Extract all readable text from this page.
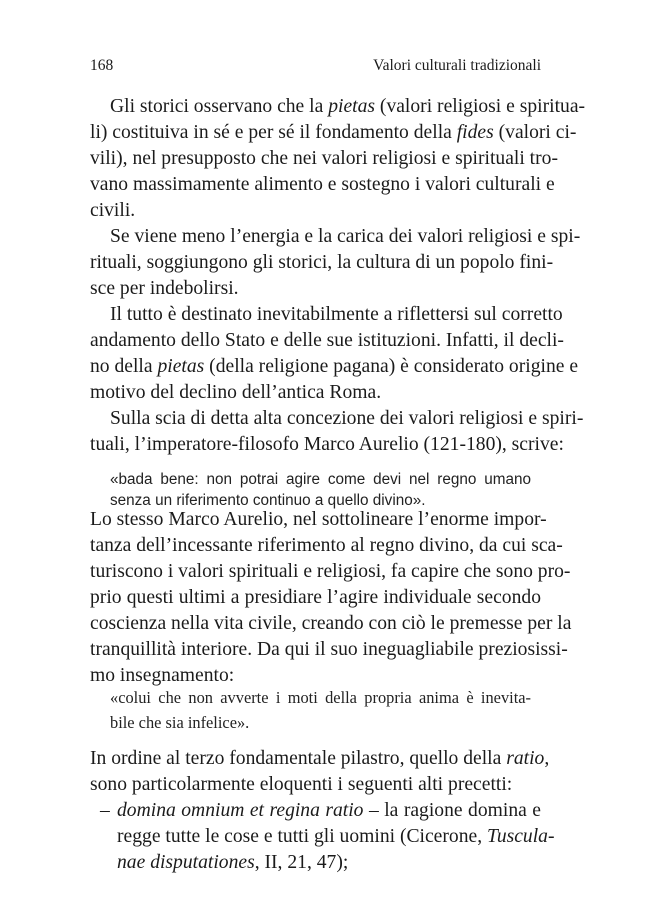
168	Valori culturali tradizionali
Gli storici osservano che la pietas (valori religiosi e spiritua-
li) costituiva in sé e per sé il fondamento della fides (valori ci-
vili), nel presupposto che nei valori religiosi e spirituali tro-
vano massimamente alimento e sostegno i valori culturali e
civili.
Se viene meno l’energia e la carica dei valori religiosi e spi-
rituali, soggiungono gli storici, la cultura di un popolo fini-
sce per indebolirsi.
Il tutto è destinato inevitabilmente a riflettersi sul corretto
andamento dello Stato e delle sue istituzioni. Infatti, il decli-
no della pietas (della religione pagana) è considerato origine e
motivo del declino dell’antica Roma.
Sulla scia di detta alta concezione dei valori religiosi e spiri-
tuali, l’imperatore-filosofo Marco Aurelio (121-180), scrive:
«bada bene: non potrai agire come devi nel regno umano
senza un riferimento continuo a quello divino».
Lo stesso Marco Aurelio, nel sottolineare l’enorme impor-
tanza dell’incessante riferimento al regno divino, da cui sca-
turiscono i valori spirituali e religiosi, fa capire che sono pro-
prio questi ultimi a presidiare l’agire individuale secondo
coscienza nella vita civile, creando con ciò le premesse per la
tranquillità interiore. Da qui il suo ineguagliabile preziosissi-
mo insegnamento:
«colui che non avverte i moti della propria anima è inevita-
bile che sia infelice».
In ordine al terzo fondamentale pilastro, quello della ratio,
sono particolarmente eloquenti i seguenti alti precetti:
– domina omnium et regina ratio – la ragione domina e
regge tutte le cose e tutti gli uomini (Cicerone, Tuscula-
nae disputationes, II, 21, 47);
